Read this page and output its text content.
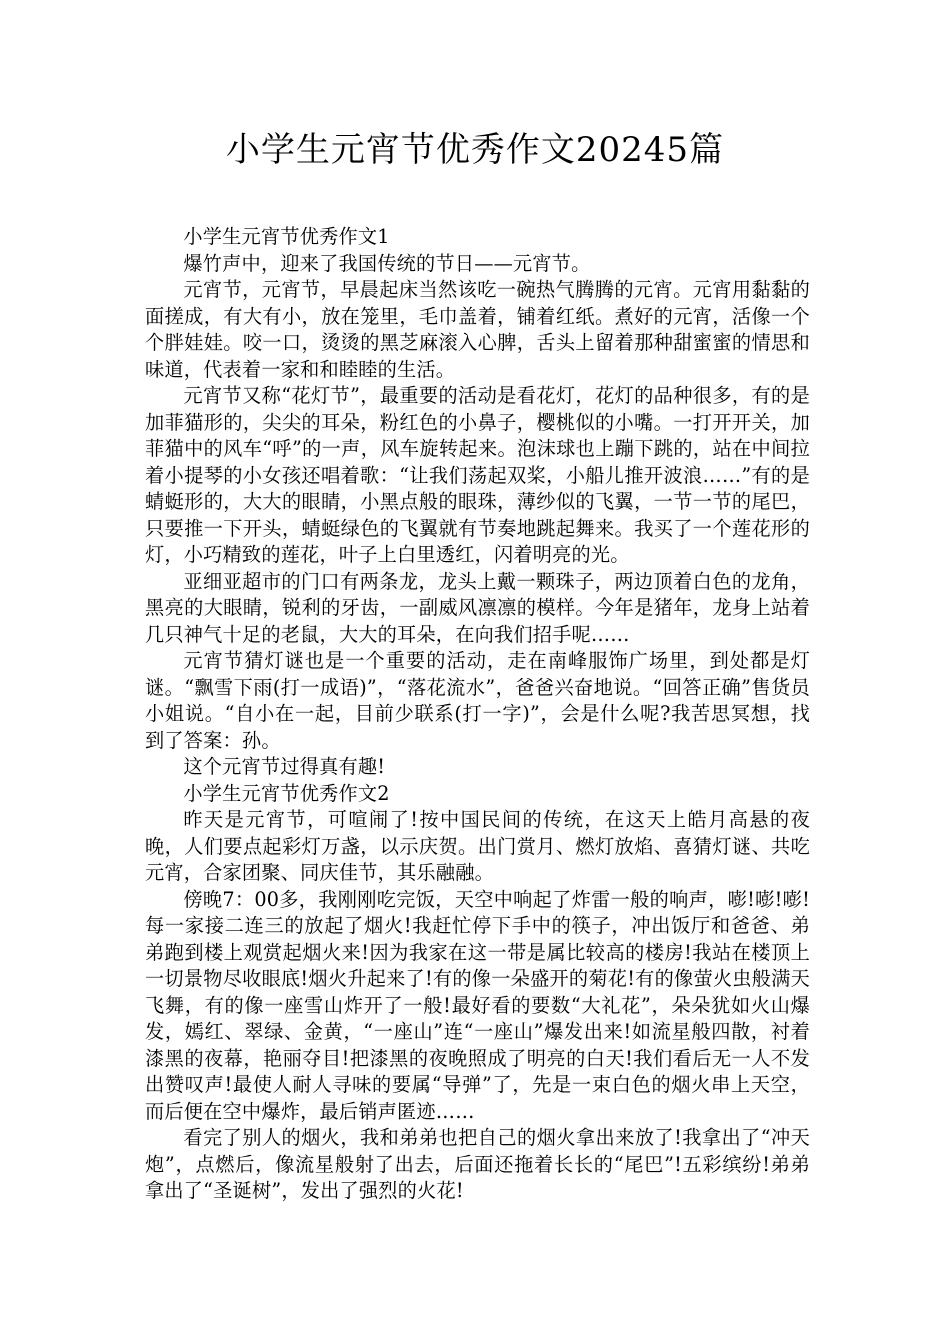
小学生元宵节优秀作文20245篇

小学生元宵节优秀作文1

爆竹声中，迎来了我国传统的节日——元宵节。

元宵节，元宵节，早晨起床当然该吃一碗热气腾腾的元宵。元宵用黏黏的面搓成，有大有小，放在笼里，毛巾盖着，铺着红纸。煮好的元宵，活像一个个胖娃娃。咬一口，烫烫的黑芝麻滚入心脾，舌头上留着那种甜蜜蜜的情思和味道，代表着一家和和睦睦的生活。

元宵节又称“花灯节”，最重要的活动是看花灯，花灯的品种很多，有的是加菲猫形的，尖尖的耳朵，粉红色的小鼻子，樱桃似的小嘴。一打开开关，加菲猫中的风车“呼”的一声，风车旋转起来。泡沫球也上蹦下跳的，站在中间拉着小提琴的小女孩还唱着歌：“让我们荡起双桨，小船儿推开波浪……”有的是蜻蜓形的，大大的眼睛，小黑点般的眼珠，薄纱似的飞翼，一节一节的尾巴，只要推一下开头，蜻蜓绿色的飞翼就有节奏地跳起舞来。我买了一个莲花形的灯，小巧精致的莲花，叶子上白里透红，闪着明亮的光。

亚细亚超市的门口有两条龙，龙头上戴一颗珠子，两边顶着白色的龙角，黑亮的大眼睛，锐利的牙齿，一副威风凛凛的模样。今年是猪年，龙身上站着几只神气十足的老鼠，大大的耳朵，在向我们招手呢……

元宵节猜灯谜也是一个重要的活动，走在南峰服饰广场里，到处都是灯谜。“飘雪下雨(打一成语)”，“落花流水”，爸爸兴奋地说。“回答正确”售货员小姐说。“自小在一起，目前少联系(打一字)”，会是什么呢?我苦思冥想，找到了答案：孙。

这个元宵节过得真有趣!

小学生元宵节优秀作文2

昨天是元宵节，可喧闹了!按中国民间的传统，在这天上皓月高悬的夜晚，人们要点起彩灯万盏，以示庆贺。出门赏月、燃灯放焰、喜猜灯谜、共吃元宵，合家团聚、同庆佳节，其乐融融。

傍晚7：00多，我刚刚吃完饭，天空中响起了炸雷一般的响声，嘭!嘭!嘭!每一家接二连三的放起了烟火!我赶忙停下手中的筷子，冲出饭厅和爸爸、弟弟跑到楼上观赏起烟火来!因为我家在这一带是属比较高的楼房!我站在楼顶上一切景物尽收眼底!烟火升起来了!有的像一朵盛开的菊花!有的像萤火虫般满天飞舞，有的像一座雪山炸开了一般!最好看的要数“大礼花”，朵朵犹如火山爆发，嫣红、翠绿、金黄，“一座山”连“一座山”爆发出来!如流星般四散，衬着漆黑的夜幕，艳丽夺目!把漆黑的夜晚照成了明亮的白天!我们看后无一人不发出赞叹声!最使人耐人寻味的要属“导弹”了，先是一束白色的烟火串上天空，而后便在空中爆炸，最后销声匿迹……

看完了别人的烟火，我和弟弟也把自己的烟火拿出来放了!我拿出了“冲天炮”，点燃后，像流星般射了出去，后面还拖着长长的“尾巴”!五彩缤纷!弟弟拿出了“圣诞树”，发出了强烈的火花!
